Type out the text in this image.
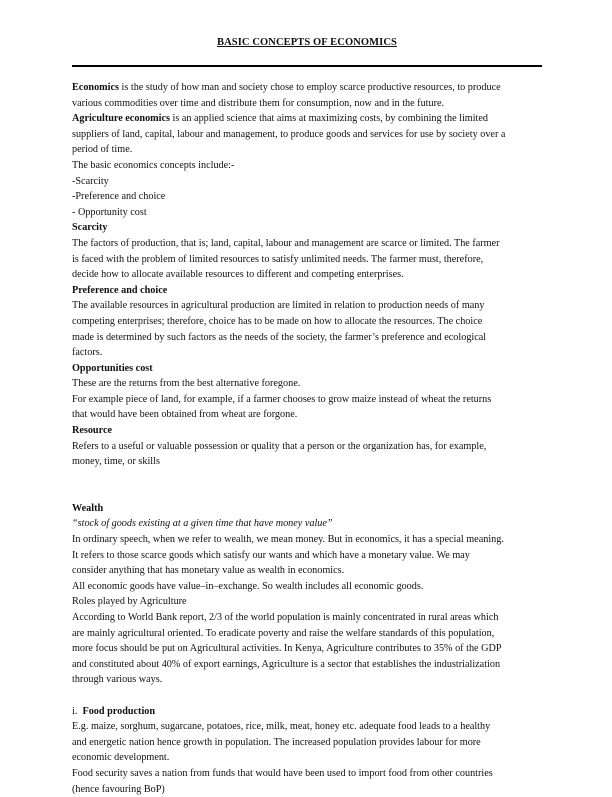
BASIC CONCEPTS OF ECONOMICS

Economics is the study of how man and society chose to employ scarce productive resources, to produce

various commodities over time and distribute them for consumption, now and in the future.

Agriculture economics is an applied science that aims at maximizing costs, by combining the limited

suppliers of land, capital, labour and management, to produce goods and services for use by society over a

period of time.

The basic economics concepts include:-

-Scarcity

-Preference and choice

- Opportunity cost

Scarcity

The factors of production, that is; land, capital, labour and management are scarce or limited. The farmer

is faced with the problem of limited resources to satisfy unlimited needs. The farmer must, therefore,

decide how to allocate available resources to different and competing enterprises.

Preference and choice

The available resources in agricultural production are limited in relation to production needs of many

competing enterprises; therefore, choice has to be made on how to allocate the resources. The choice

made is determined by such factors as the needs of the society, the farmer’s preference and ecological

factors.

Opportunities cost

These are the returns from the best alternative foregone.

For example piece of land, for example, if a farmer chooses to grow maize instead of wheat the returns

that would have been obtained from wheat are forgone.

Resource

Refers to a useful or valuable possession or quality that a person or the organization has, for example,

money, time, or skills

Wealth

“stock of goods existing at a given time that have money value”

In ordinary speech, when we refer to wealth, we mean money. But in economics, it has a special meaning.

It refers to those scarce goods which satisfy our wants and which have a monetary value. We may

consider anything that has monetary value as wealth in economics.

All economic goods have value–in–exchange. So wealth includes all economic goods.

Roles played by Agriculture

According to World Bank report, 2/3 of the world population is mainly concentrated in rural areas which

are mainly agricultural oriented. To eradicate poverty and raise the welfare standards of this population,

more focus should be put on Agricultural activities. In Kenya, Agriculture contributes to 35% of the GDP

and constituted about 40% of export earnings, Agriculture is a sector that establishes the industrialization

through various ways.

i. Food production

E.g. maize, sorghum, sugarcane, potatoes, rice, milk, meat, honey etc. adequate food leads to a healthy

and energetic nation hence growth in population. The increased population provides labour for more

economic development.

Food security saves a nation from funds that would have been used to import food from other countries

(hence favouring BoP)
